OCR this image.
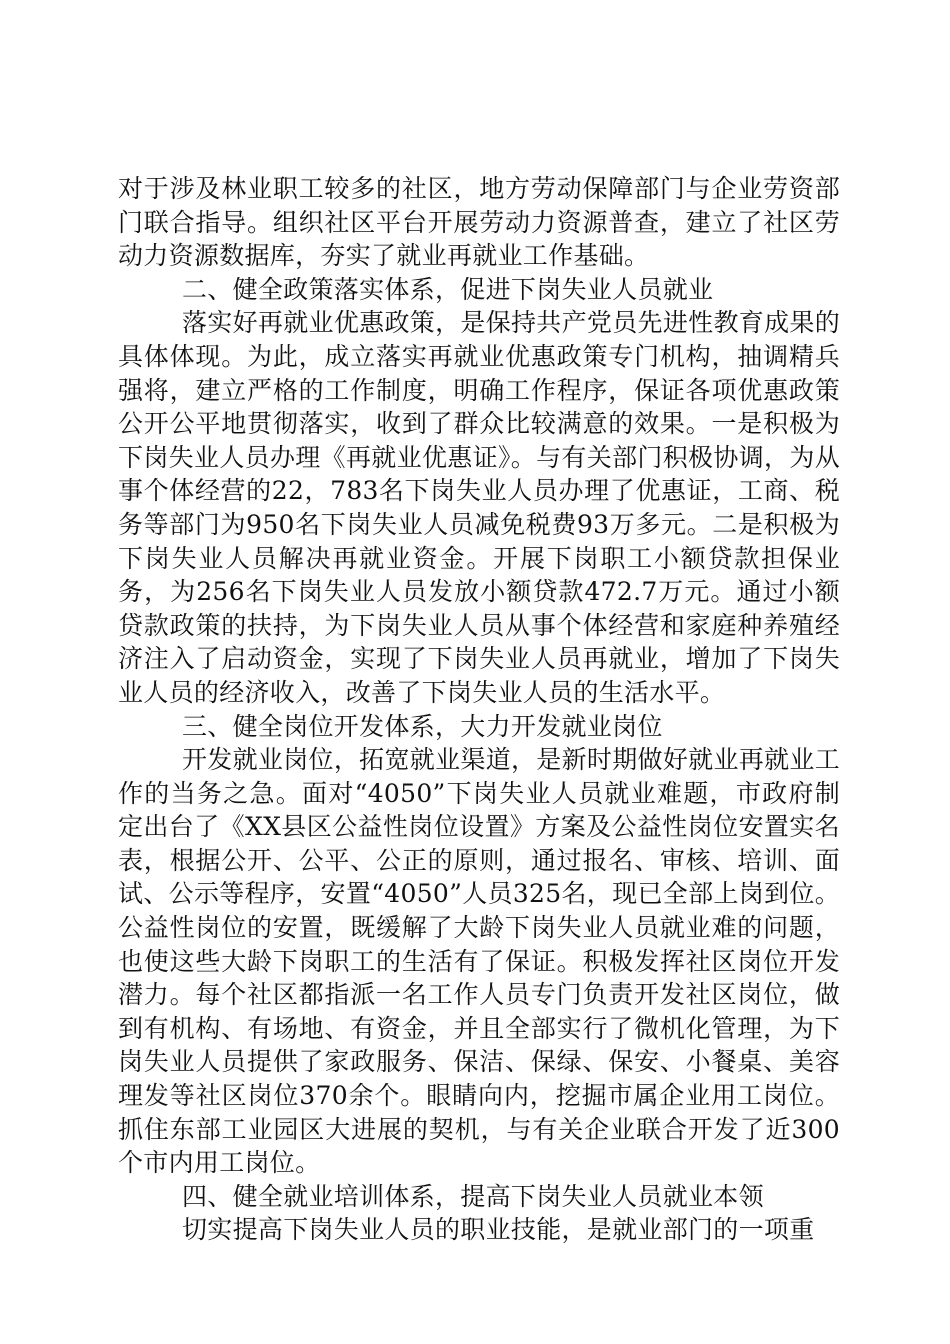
对于涉及林业职工较多的社区，地方劳动保障部门与企业劳资部门联合指导。组织社区平台开展劳动力资源普查，建立了社区劳动力资源数据库，夯实了就业再就业工作基础。

二、健全政策落实体系，促进下岗失业人员就业

落实好再就业优惠政策，是保持共产党员先进性教育成果的具体体现。为此，成立落实再就业优惠政策专门机构，抽调精兵强将，建立严格的工作制度，明确工作程序，保证各项优惠政策公开公平地贯彻落实，收到了群众比较满意的效果。一是积极为下岗失业人员办理《再就业优惠证》。与有关部门积极协调，为从事个体经营的22，783名下岗失业人员办理了优惠证，工商、税务等部门为950名下岗失业人员减免税费93万多元。二是积极为下岗失业人员解决再就业资金。开展下岗职工小额贷款担保业务，为256名下岗失业人员发放小额贷款472.7万元。通过小额贷款政策的扶持，为下岗失业人员从事个体经营和家庭种养殖经济注入了启动资金，实现了下岗失业人员再就业，增加了下岗失业人员的经济收入，改善了下岗失业人员的生活水平。

三、健全岗位开发体系，大力开发就业岗位

开发就业岗位，拓宽就业渠道，是新时期做好就业再就业工作的当务之急。面对“4050”下岗失业人员就业难题，市政府制定出台了《XX县区公益性岗位设置》方案及公益性岗位安置实名表，根据公开、公平、公正的原则，通过报名、审核、培训、面试、公示等程序，安置“4050”人员325名，现已全部上岗到位。公益性岗位的安置，既缓解了大龄下岗失业人员就业难的问题，也使这些大龄下岗职工的生活有了保证。积极发挥社区岗位开发潜力。每个社区都指派一名工作人员专门负责开发社区岗位，做到有机构、有场地、有资金，并且全部实行了微机化管理，为下岗失业人员提供了家政服务、保洁、保绿、保安、小餐桌、美容理发等社区岗位370余个。眼睛向内，挖掘市属企业用工岗位。抓住东部工业园区大进展的契机，与有关企业联合开发了近300个市内用工岗位。

四、健全就业培训体系，提高下岗失业人员就业本领

切实提高下岗失业人员的职业技能，是就业部门的一项重
